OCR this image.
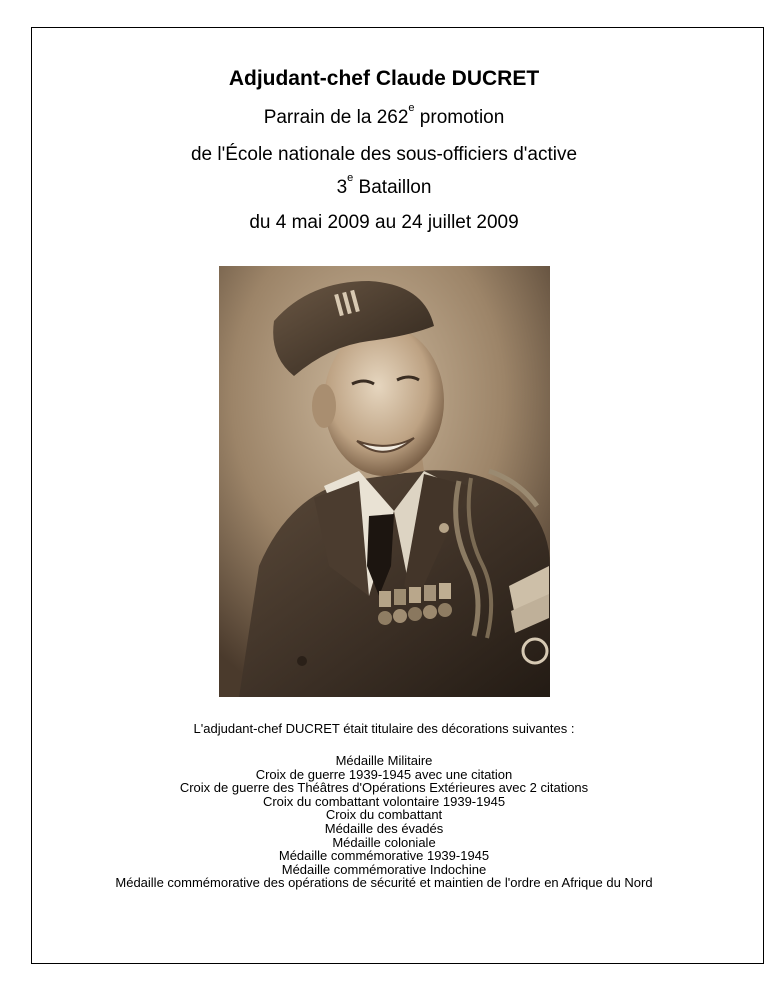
Adjudant-chef Claude DUCRET
Parrain de la 262e promotion
de l'École nationale des sous-officiers d'active
3e Bataillon
du 4 mai 2009 au 24 juillet 2009
L'adjudant-chef DUCRET était titulaire des décorations suivantes :
Médaille Militaire
Croix de guerre 1939-1945 avec une citation
Croix de guerre des Théâtres d'Opérations Extérieures avec 2 citations
Croix du combattant volontaire 1939-1945
Croix du combattant
Médaille des évadés
Médaille coloniale
Médaille commémorative 1939-1945
Médaille commémorative Indochine
Médaille commémorative des opérations de sécurité et maintien de l'ordre en Afrique du Nord
